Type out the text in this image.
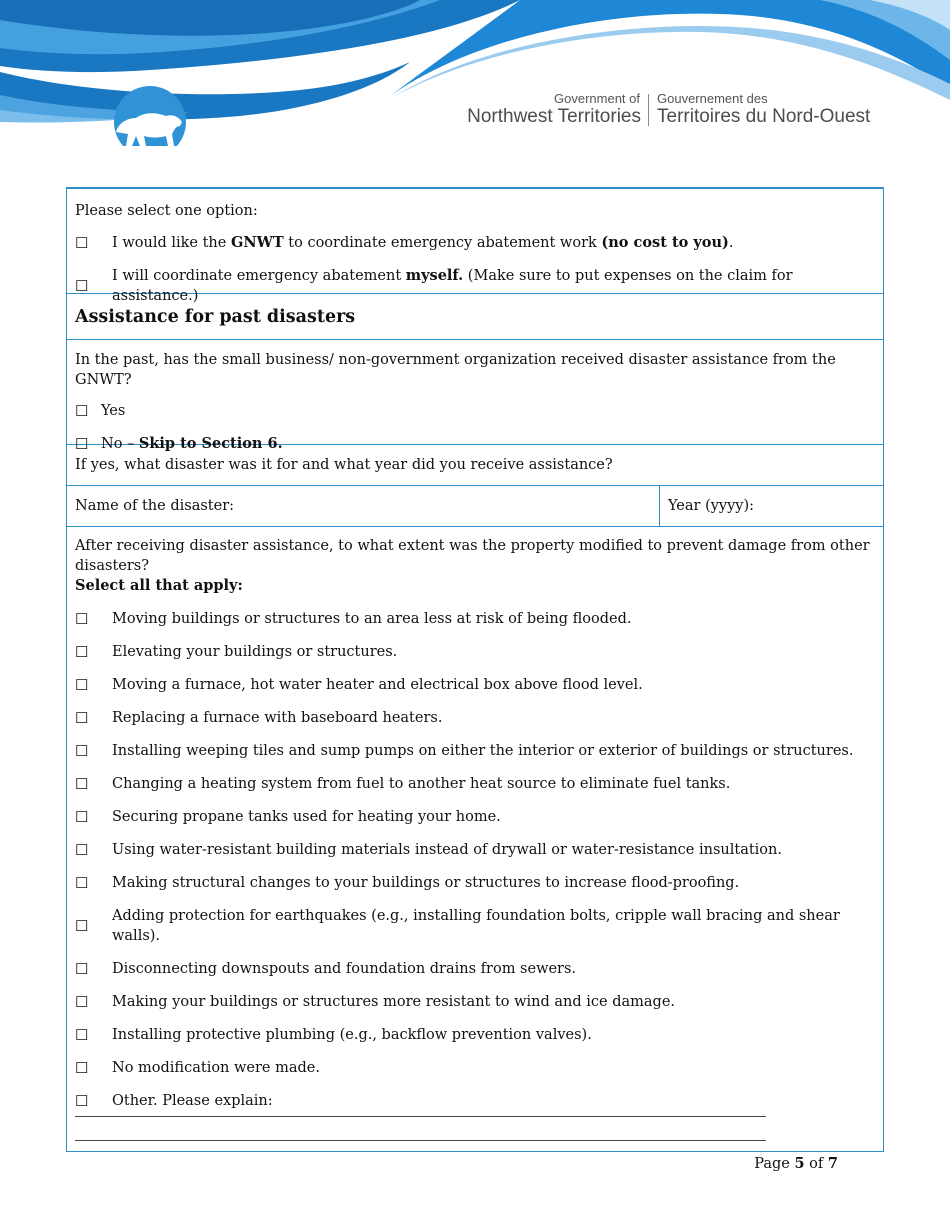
Government of
Northwest Territories
Gouvernement des
Territoires du Nord-Ouest

Please select one option:

☐	I would like the GNWT to coordinate emergency abatement work (no cost to you).
☐
I will coordinate emergency abatement myself. (Make sure to put expenses on the claim for assistance.)
Assistance for past disasters

In the past, has the small business/ non-government organization received disaster assistance from the GNWT?

☐ Yes
☐ No – Skip to Section 6.
If yes, what disaster was it for and what year did you receive assistance?
Name of the disaster:	Year (yyyy):

After receiving disaster assistance, to what extent was the property modified to prevent damage from other disasters?

Select all that apply:

☐	Moving buildings or structures to an area less at risk of being flooded.
☐	Elevating your buildings or structures.
☐	Moving a furnace, hot water heater and electrical box above flood level.
☐	Replacing a furnace with baseboard heaters.
☐	Installing weeping tiles and sump pumps on either the interior or exterior of buildings or structures.
☐	Changing a heating system from fuel to another heat source to eliminate fuel tanks.
☐	Securing propane tanks used for heating your home.
☐	Using water-resistant building materials instead of drywall or water-resistance insultation.
☐	Making structural changes to your buildings or structures to increase flood-proofing.
☐
Adding protection for earthquakes (e.g., installing foundation bolts, cripple wall bracing and shear walls).
☐	Disconnecting downspouts and foundation drains from sewers.
☐	Making your buildings or structures more resistant to wind and ice damage.
☐	Installing protective plumbing (e.g., backflow prevention valves).
☐	No modification were made.
☐	Other. Please explain:
Page 5 of 7
